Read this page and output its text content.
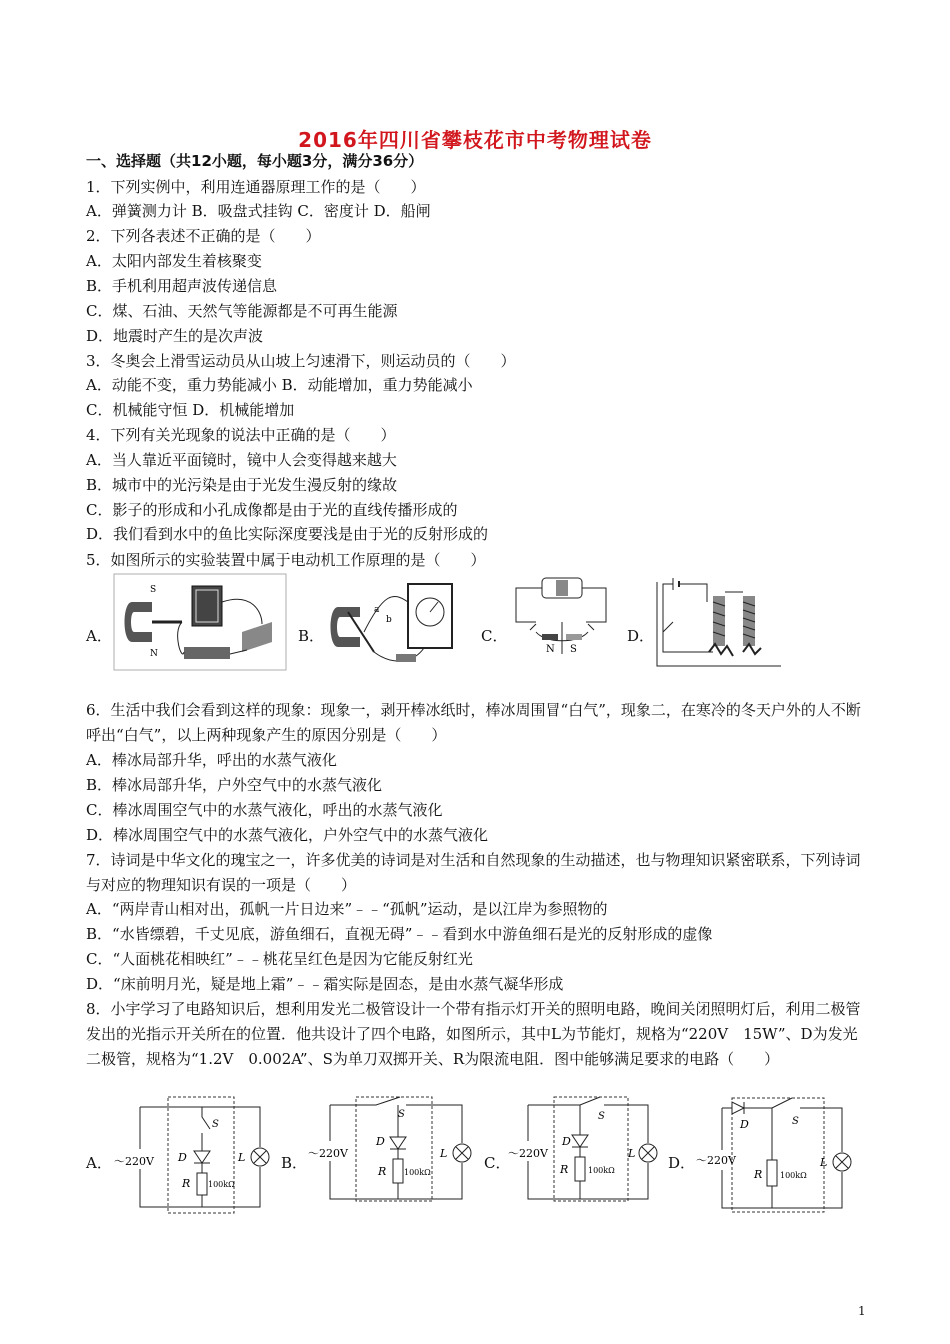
2016年四川省攀枝花市中考物理试卷
一、选择题（共12小题，每小题3分，满分36分）
1．下列实例中，利用连通器原理工作的是（　　）
A．弹簧测力计 B．吸盘式挂钩 C．密度计 D．船闸
2．下列各表述不正确的是（　　）
A．太阳内部发生着核聚变
B．手机利用超声波传递信息
C．煤、石油、天然气等能源都是不可再生能源
D．地震时产生的是次声波
3．冬奥会上滑雪运动员从山坡上匀速滑下，则运动员的（　　）
A．动能不变，重力势能减小 B．动能增加，重力势能减小
C．机械能守恒 D．机械能增加
4．下列有关光现象的说法中正确的是（　　）
A．当人靠近平面镜时，镜中人会变得越来越大
B．城市中的光污染是由于光发生漫反射的缘故
C．影子的形成和小孔成像都是由于光的直线传播形成的
D．我们看到水中的鱼比实际深度要浅是由于光的反射形成的
5．如图所示的实验装置中属于电动机工作原理的是（　　）
A．
S
N
B．
a
b
C．
N S
D．
6．生活中我们会看到这样的现象：现象一，剥开棒冰纸时，棒冰周围冒“白气”，现象二，在寒冷的冬天户外的人不断呼出“白气”，以上两种现象产生的原因分别是（　　）
A．棒冰局部升华，呼出的水蒸气液化
B．棒冰局部升华，户外空气中的水蒸气液化
C．棒冰周围空气中的水蒸气液化，呼出的水蒸气液化
D．棒冰周围空气中的水蒸气液化，户外空气中的水蒸气液化
7．诗词是中华文化的瑰宝之一，许多优美的诗词是对生活和自然现象的生动描述，也与物理知识紧密联系，下列诗词与对应的物理知识有误的一项是（　　）
A．“两岸青山相对出，孤帆一片日边来”﹣﹣“孤帆”运动，是以江岸为参照物的
B．“水皆缥碧，千丈见底，游鱼细石，直视无碍”﹣﹣看到水中游鱼细石是光的反射形成的虚像
C．“人面桃花相映红”﹣﹣桃花呈红色是因为它能反射红光
D．“床前明月光，疑是地上霜”﹣﹣霜实际是固态，是由水蒸气凝华形成
8．小宇学习了电路知识后，想利用发光二极管设计一个带有指示灯开关的照明电路，晚间关闭照明灯后，利用二极管发出的光指示开关所在的位置．他共设计了四个电路，如图所示，其中L为节能灯，规格为“220V　15W”、D为发光二极管，规格为“1.2V　0.002A”、S为单刀双掷开关、R为限流电阻．图中能够满足要求的电路（　　）
A． ～220V
S
D
R 100kΩ
L B．
～220V
S
D
R 100kΩ
L
C．
～220V
S
D
R 100kΩ
L
D．
D	S
R 100kΩ
～220V	L
1
